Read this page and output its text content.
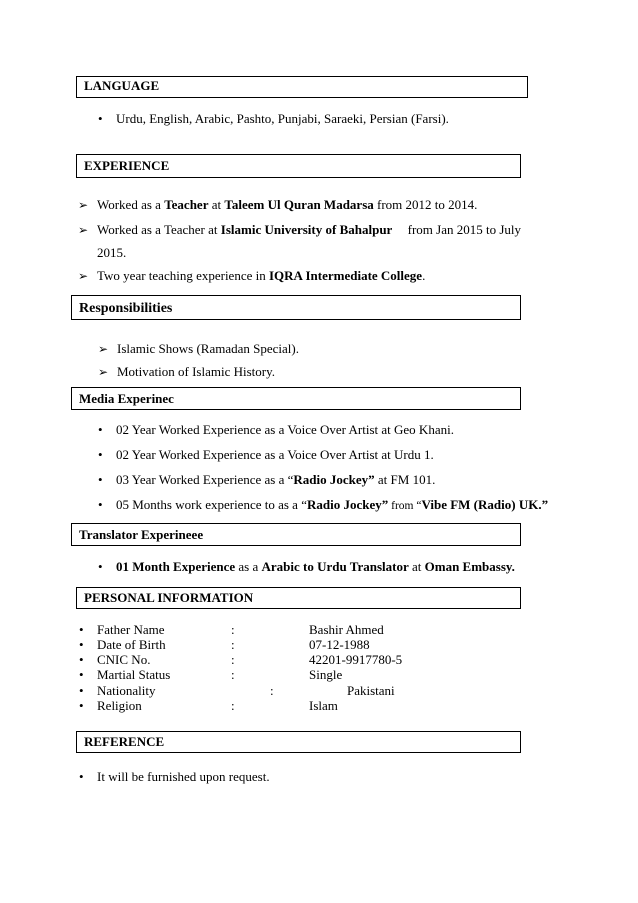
LANGUAGE
• Urdu, English, Arabic, Pashto, Punjabi, Saraeki, Persian (Farsi).
EXPERIENCE
➢ Worked as a Teacher at Taleem Ul Quran Madarsa from 2012 to 2014.
➢ Worked as a Teacher at Islamic University of Bahalpur from Jan 2015 to July
2015.
➢ Two year teaching experience in IQRA Intermediate College.
Responsibilities
➢ Islamic Shows (Ramadan Special).
➢ Motivation of Islamic History.
Media Experinec
• 02 Year Worked Experience as a Voice Over Artist at Geo Khani.
• 02 Year Worked Experience as a Voice Over Artist at Urdu 1.
• 03 Year Worked Experience as a “Radio Jockey” at FM 101.
• 05 Months work experience to as a “Radio Jockey” from “Vibe FM (Radio) UK.”
Translator Experineee
• 01 Month Experience as a Arabic to Urdu Translator at Oman Embassy.
PERSONAL INFORMATION
• Father Name	:	Bashir Ahmed
• Date of Birth	:	07-12-1988
• CNIC No.	:	42201-9917780-5
• Martial Status	:	Single
• Nationality	:	Pakistani
• Religion	:	Islam
REFERENCE
• It will be furnished upon request.
